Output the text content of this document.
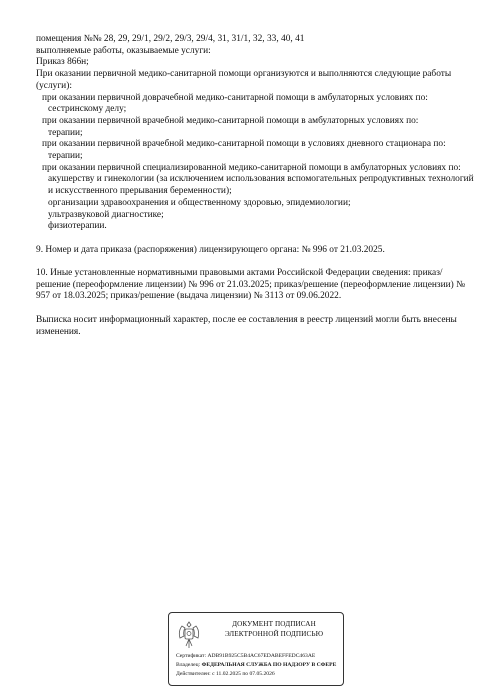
помещения №№ 28, 29, 29/1, 29/2, 29/3, 29/4, 31, 31/1, 32, 33, 40, 41
выполняемые работы, оказываемые услуги:
Приказ 866н;
При оказании первичной медико-санитарной помощи организуются и выполняются следующие работы (услуги):
при оказании первичной доврачебной медико-санитарной помощи в амбулаторных условиях по:
сестринскому делу;
при оказании первичной врачебной медико-санитарной помощи в амбулаторных условиях по:
терапии;
при оказании первичной врачебной медико-санитарной помощи в условиях дневного стационара по:
терапии;
при оказании первичной специализированной медико-санитарной помощи в амбулаторных условиях по:
акушерству и гинекологии (за исключением использования вспомогательных репродуктивных технологий и искусственного прерывания беременности);
организации здравоохранения и общественному здоровью, эпидемиологии;
ультразвуковой диагностике;
физиотерапии.
9. Номер и дата приказа (распоряжения) лицензирующего органа: № 996 от 21.03.2025.
10. Иные установленные нормативными правовыми актами Российской Федерации сведения: приказ/решение (переоформление лицензии) № 996 от 21.03.2025; приказ/решение (переоформление лицензии) № 957 от 18.03.2025; приказ/решение (выдача лицензии) № 3113 от 09.06.2022.
Выписка носит информационный характер, после ее составления в реестр лицензий могли быть внесены изменения.
ДОКУМЕНТ ПОДПИСАН
ЭЛЕКТРОННОЙ ПОДПИСЬЮ
Сертификат: ADB91B925C5B4AC67EDABEFFEDC463AE
Владелец: ФЕДЕРАЛЬНАЯ СЛУЖБА ПО НАДЗОРУ В СФЕРЕ
Действителен: с 11.02.2025 по 07.05.2026
